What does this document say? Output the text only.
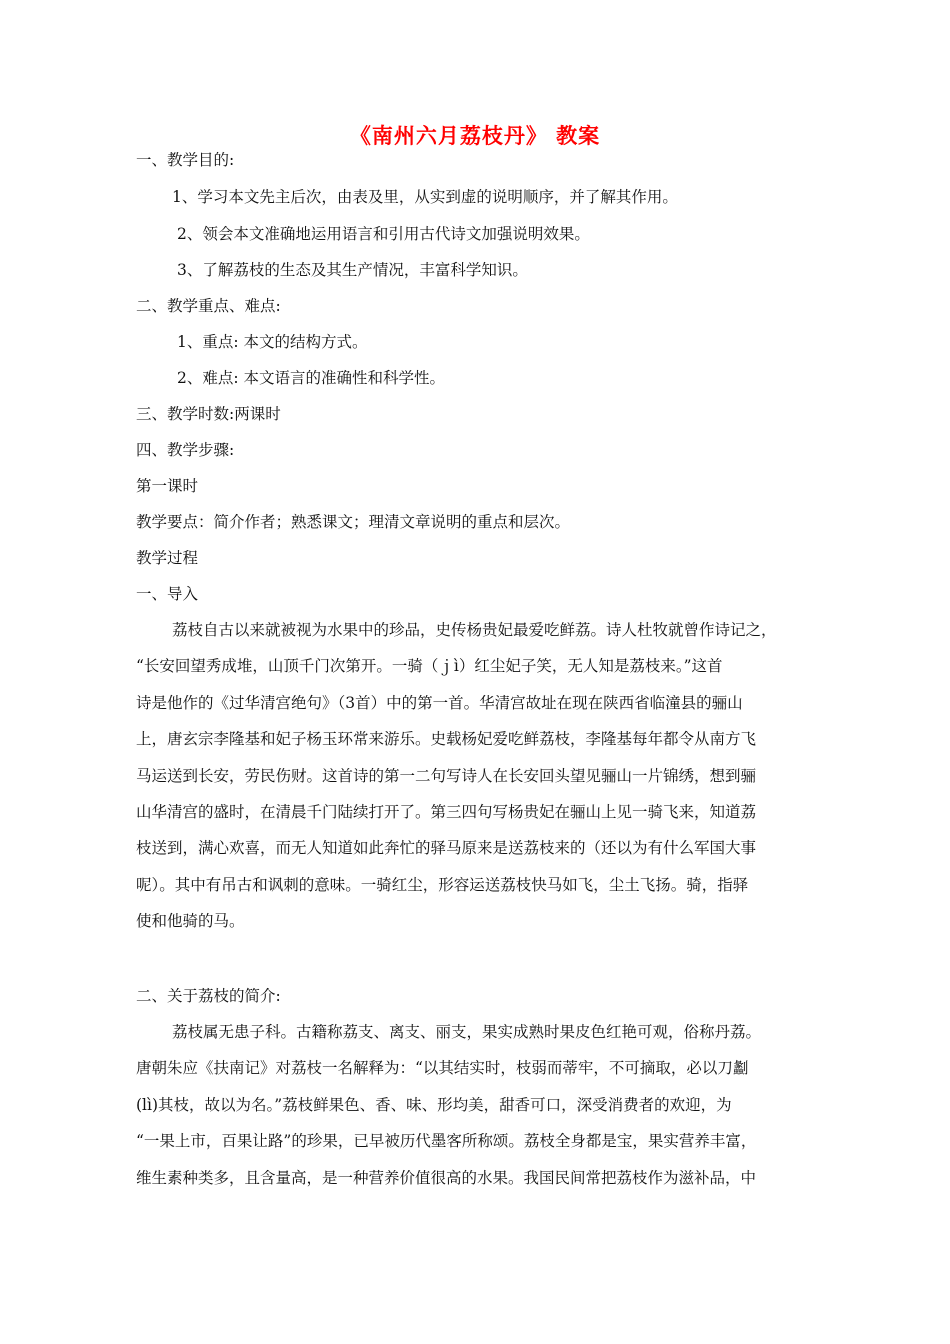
《南州六月荔枝丹》 教案
一、教学目的:
1、学习本文先主后次，由表及里，从实到虚的说明顺序，并了解其作用。
2、领会本文准确地运用语言和引用古代诗文加强说明效果。
3、了解荔枝的生态及其生产情况，丰富科学知识。
二、教学重点、难点:
1、重点: 本文的结构方式。
2、难点: 本文语言的准确性和科学性。
三、教学时数:两课时
四、教学步骤:
第一课时
教学要点：简介作者；熟悉课文；理清文章说明的重点和层次。
教学过程
一、导入
荔枝自古以来就被视为水果中的珍品，史传杨贵妃最爱吃鲜荔。诗人杜牧就曾作诗记之，
“长安回望秀成堆，山顶千门次第开。一骑（ｊì）红尘妃子笑，无人知是荔枝来。”这首
诗是他作的《过华清宫绝句》（3首）中的第一首。华清宫故址在现在陕西省临潼县的骊山
上，唐玄宗李隆基和妃子杨玉环常来游乐。史载杨妃爱吃鲜荔枝，李隆基每年都令从南方飞
马运送到长安，劳民伤财。这首诗的第一二句写诗人在长安回头望见骊山一片锦绣，想到骊
山华清宫的盛时，在清晨千门陆续打开了。第三四句写杨贵妃在骊山上见一骑飞来，知道荔
枝送到，满心欢喜，而无人知道如此奔忙的驿马原来是送荔枝来的（还以为有什么军国大事
呢）。其中有吊古和讽刺的意味。一骑红尘，形容运送荔枝快马如飞，尘土飞扬。骑，指驿
使和他骑的马。
二、关于荔枝的简介:
荔枝属无患子科。古籍称荔支、离支、丽支，果实成熟时果皮色红艳可观，俗称丹荔。
唐朝朱应《扶南记》对荔枝一名解释为：“以其结实时，枝弱而蒂牢，不可摘取，必以刀劙
(lì)其枝，故以为名。”荔枝鲜果色、香、味、形均美，甜香可口，深受消费者的欢迎，为
“一果上市，百果让路”的珍果，已早被历代墨客所称颂。荔枝全身都是宝，果实营养丰富，
维生素种类多，且含量高，是一种营养价值很高的水果。我国民间常把荔枝作为滋补品，中
